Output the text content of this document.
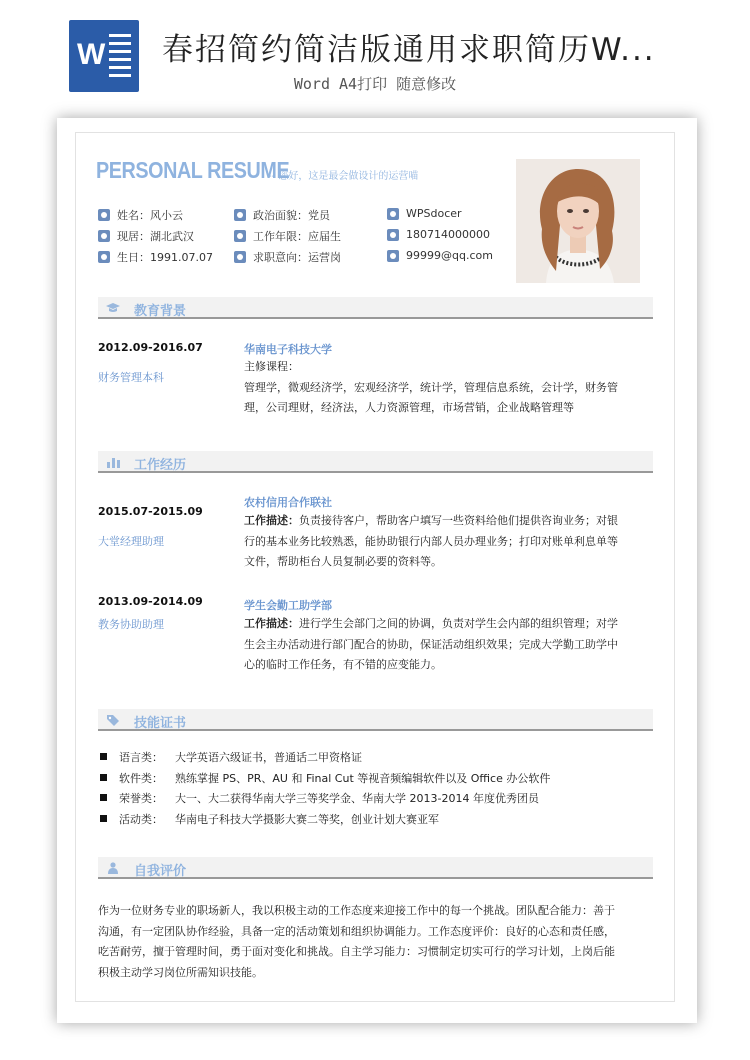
W 春招简约简洁版通用求职简历W...
Word A4打印 随意修改
PERSONAL RESUME
-- 您好，这是最会做设计的运营喵
姓名：风小云
现居：湖北武汉
生日：1991.07.07
政治面貌：党员
工作年限：应届生
求职意向：运营岗
WPSdocer
180714000000
99999@qq.com
教育背景
2012.09-2016.07
财务管理本科
华南电子科技大学
主修课程：
管理学，微观经济学，宏观经济学，统计学，管理信息系统，会计学，财务管
理，公司理财，经济法，人力资源管理，市场营销，企业战略管理等
工作经历
2015.07-2015.09
大堂经理助理
农村信用合作联社
工作描述：负责接待客户，帮助客户填写一些资料给他们提供咨询业务；对银
行的基本业务比较熟悉，能协助银行内部人员办理业务；打印对账单利息单等
文件，帮助柜台人员复制必要的资料等。
2013.09-2014.09
教务协助助理
学生会勤工助学部
工作描述：进行学生会部门之间的协调，负责对学生会内部的组织管理；对学
生会主办活动进行部门配合的协助，保证活动组织效果；完成大学勤工助学中
心的临时工作任务，有不错的应变能力。
技能证书
语言类： 大学英语六级证书，普通话二甲资格证
软件类： 熟练掌握 PS、PR、AU 和 Final Cut 等视音频编辑软件以及 Office 办公软件
荣誉类： 大一、大二获得华南大学三等奖学金、华南大学 2013-2014 年度优秀团员
活动类： 华南电子科技大学摄影大赛二等奖，创业计划大赛亚军
自我评价
作为一位财务专业的职场新人，我以积极主动的工作态度来迎接工作中的每一个挑战。团队配合能力：善于
沟通，有一定团队协作经验，具备一定的活动策划和组织协调能力。工作态度评价：良好的心态和责任感，
吃苦耐劳，擅于管理时间，勇于面对变化和挑战。自主学习能力：习惯制定切实可行的学习计划，上岗后能
积极主动学习岗位所需知识技能。
